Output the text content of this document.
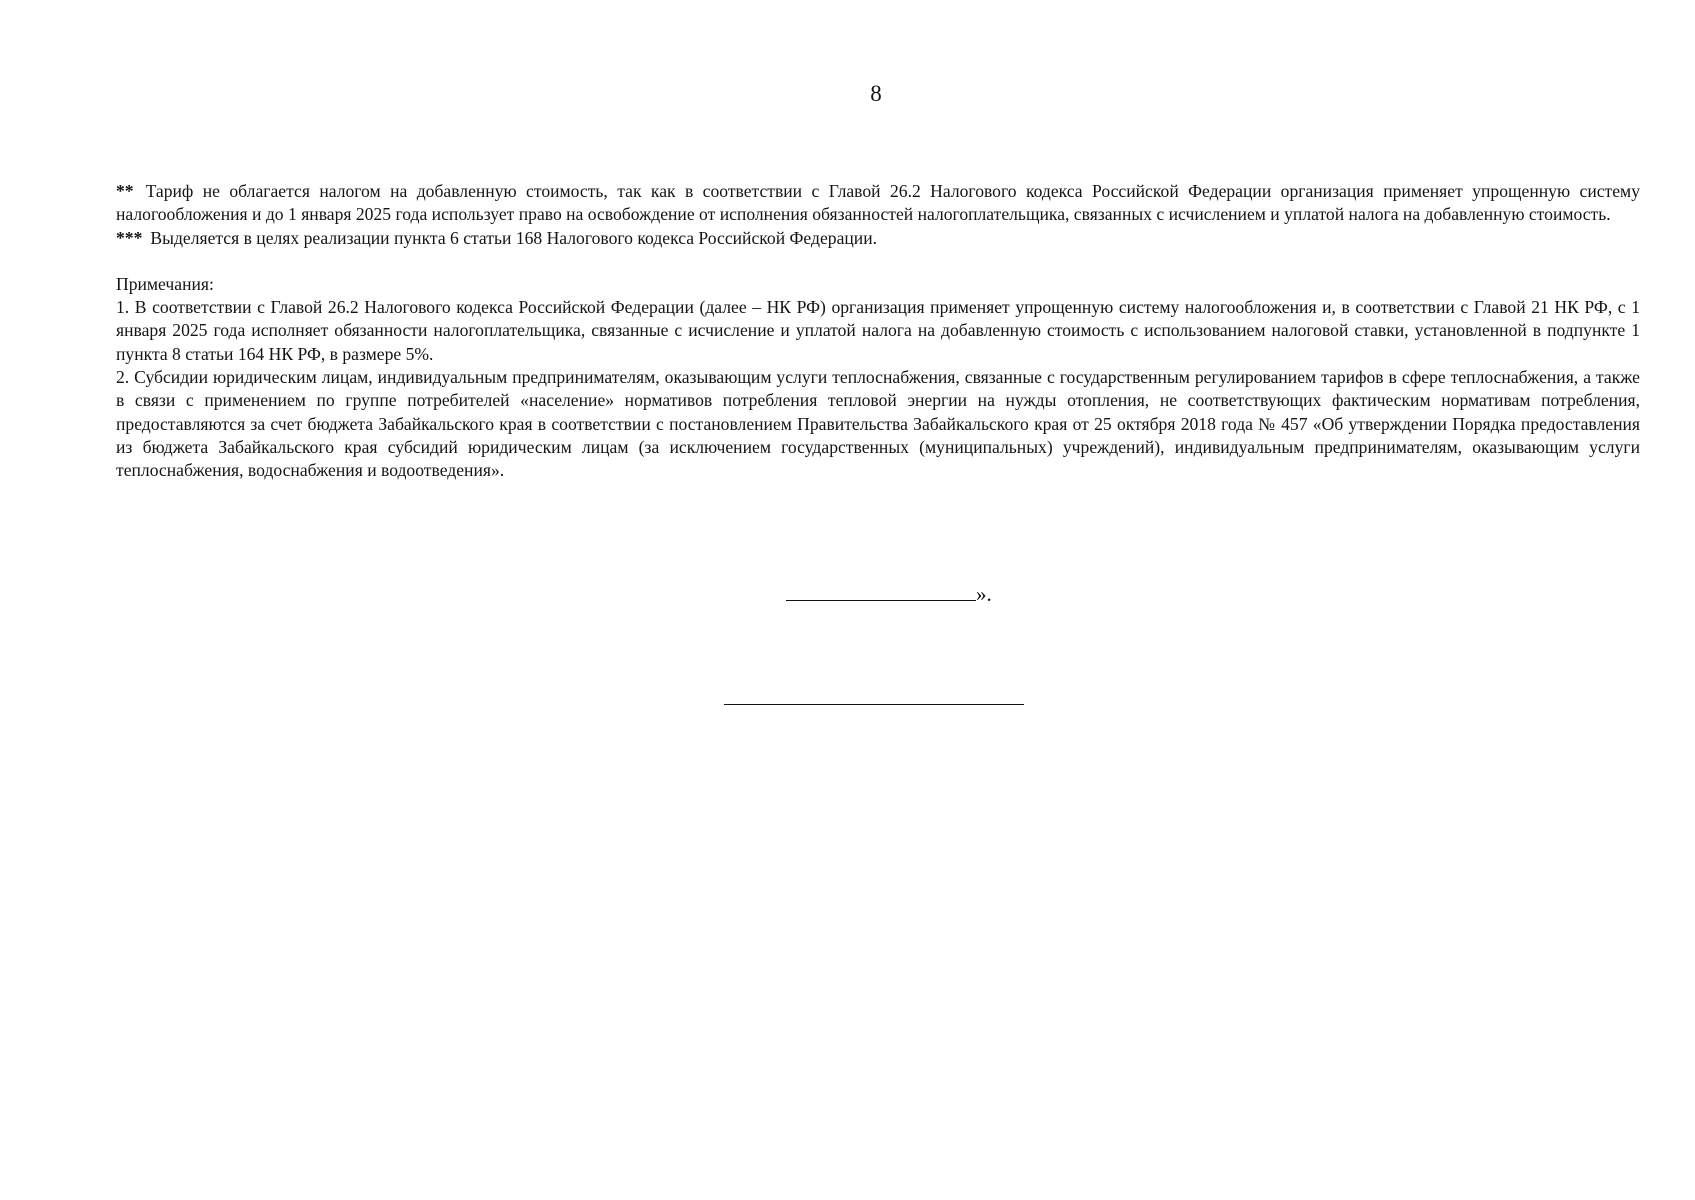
8

** Тариф не облагается налогом на добавленную стоимость, так как в соответствии с Главой 26.2 Налогового кодекса Российской Федерации организация применяет упрощенную систему налогообложения и до 1 января 2025 года использует право на освобождение от исполнения обязанностей налогоплательщика, связанных с исчислением и уплатой налога на добавленную стоимость.

*** Выделяется в целях реализации пункта 6 статьи 168 Налогового кодекса Российской Федерации.

Примечания:

1. В соответствии с Главой 26.2 Налогового кодекса Российской Федерации (далее – НК РФ) организация применяет упрощенную систему налогообложения и, в соответствии с Главой 21 НК РФ, с 1 января 2025 года исполняет обязанности налогоплательщика, связанные с исчисление и уплатой налога на добавленную стоимость с использованием налоговой ставки, установленной в подпункте 1 пункта 8 статьи 164 НК РФ, в размере 5%.

2. Субсидии юридическим лицам, индивидуальным предпринимателям, оказывающим услуги теплоснабжения, связанные с государственным регулированием тарифов в сфере теплоснабжения, а также в связи с применением по группе потребителей «население» нормативов потребления тепловой энергии на нужды отопления, не соответствующих фактическим нормативам потребления, предоставляются за счет бюджета Забайкальского края в соответствии с постановлением Правительства Забайкальского края от 25 октября 2018 года № 457 «Об утверждении Порядка предоставления из бюджета Забайкальского края субсидий юридическим лицам (за исключением государственных (муниципальных) учреждений), индивидуальным предпринимателям, оказывающим услуги теплоснабжения, водоснабжения и водоотведения».

».
